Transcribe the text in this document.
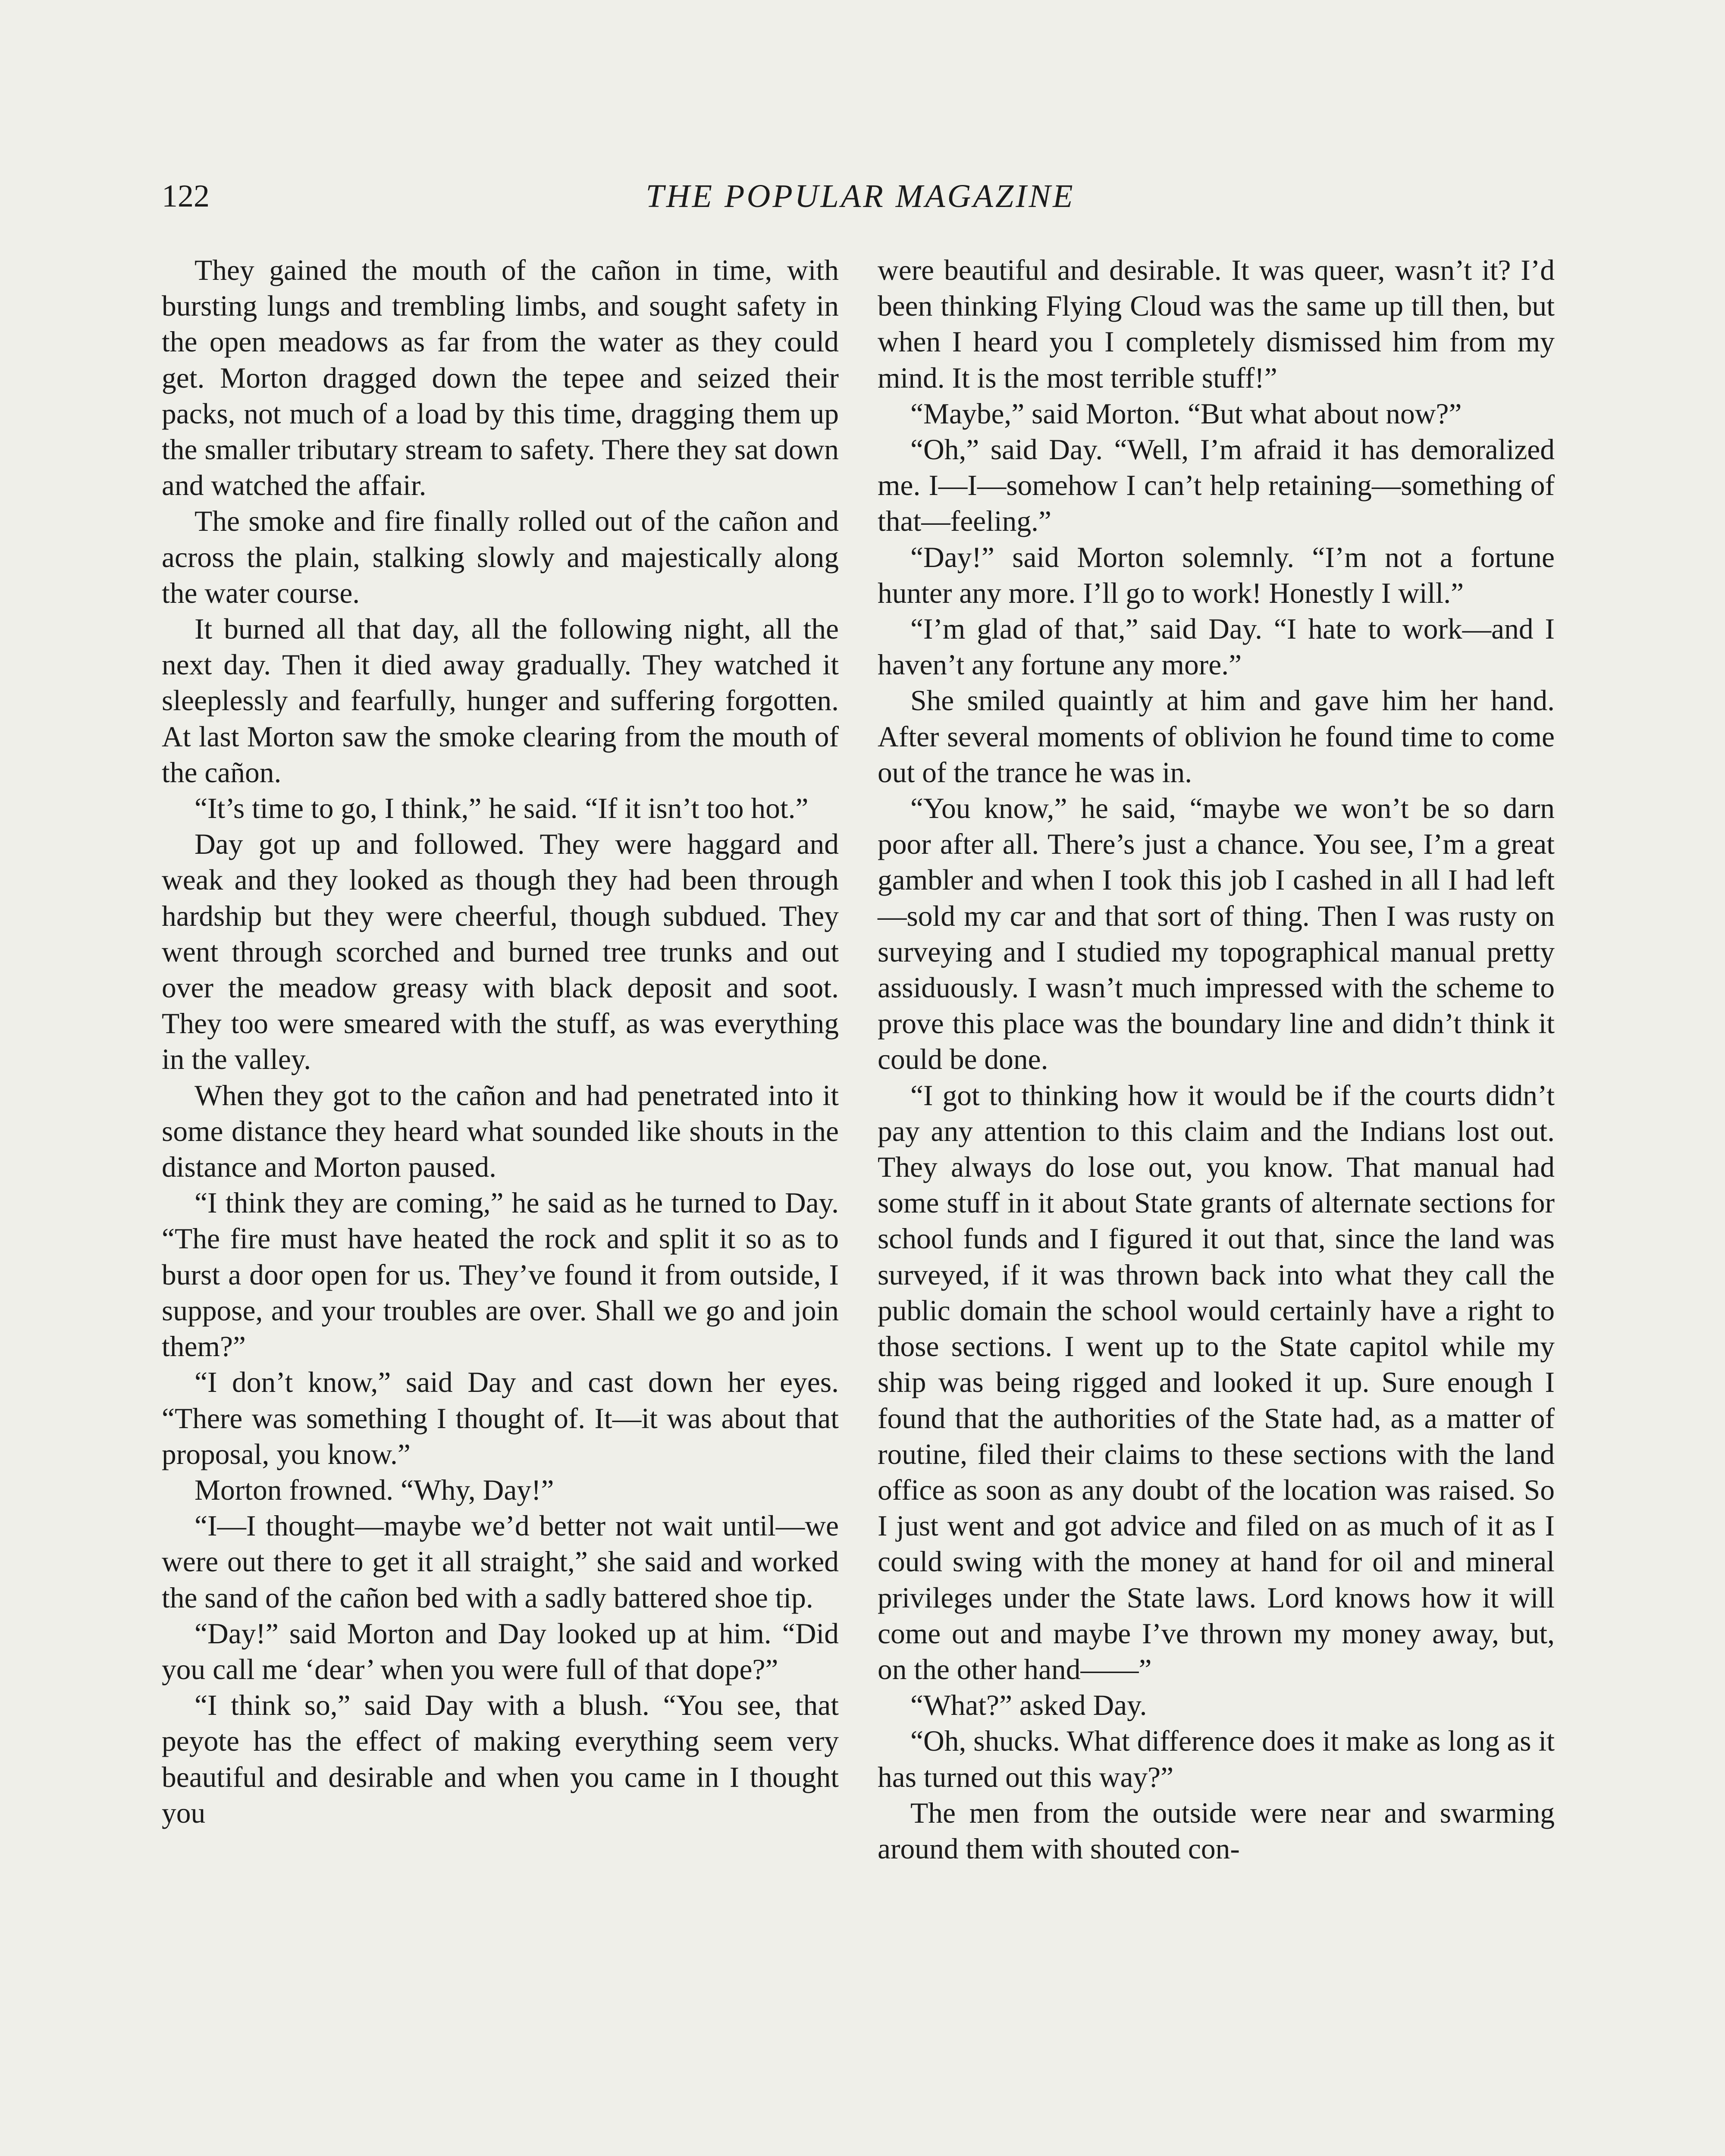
122	THE POPULAR MAGAZINE

They gained the mouth of the cañon in time, with bursting lungs and trembling limbs, and sought safety in the open meadows as far from the water as they could get. Morton dragged down the tepee and seized their packs, not much of a load by this time, dragging them up the smaller tributary stream to safety. There they sat down and watched the affair.

The smoke and fire finally rolled out of the cañon and across the plain, stalking slowly and majestically along the water course.

It burned all that day, all the following night, all the next day. Then it died away gradually. They watched it sleeplessly and fearfully, hunger and suffering forgotten. At last Morton saw the smoke clearing from the mouth of the cañon.

“It’s time to go, I think,” he said. “If it isn’t too hot.”

Day got up and followed. They were haggard and weak and they looked as though they had been through hardship but they were cheerful, though subdued. They went through scorched and burned tree trunks and out over the meadow greasy with black deposit and soot. They too were smeared with the stuff, as was everything in the valley.

When they got to the cañon and had penetrated into it some distance they heard what sounded like shouts in the distance and Morton paused.

“I think they are coming,” he said as he turned to Day. “The fire must have heated the rock and split it so as to burst a door open for us. They’ve found it from outside, I suppose, and your troubles are over. Shall we go and join them?”

“I don’t know,” said Day and cast down her eyes. “There was something I thought of. It—it was about that proposal, you know.”

Morton frowned. “Why, Day!”

“I—I thought—maybe we’d better not wait until—we were out there to get it all straight,” she said and worked the sand of the cañon bed with a sadly battered shoe tip.

“Day!” said Morton and Day looked up at him. “Did you call me ‘dear’ when you were full of that dope?”

“I think so,” said Day with a blush. “You see, that peyote has the effect of making everything seem very beautiful and desirable and when you came in I thought you

were beautiful and desirable. It was queer, wasn’t it? I’d been thinking Flying Cloud was the same up till then, but when I heard you I completely dismissed him from my mind. It is the most terrible stuff!”

“Maybe,” said Morton. “But what about now?”

“Oh,” said Day. “Well, I’m afraid it has demoralized me. I—I—somehow I can’t help retaining—something of that—feeling.”

“Day!” said Morton solemnly. “I’m not a fortune hunter any more. I’ll go to work! Honestly I will.”

“I’m glad of that,” said Day. “I hate to work—and I haven’t any fortune any more.”

She smiled quaintly at him and gave him her hand. After several moments of oblivion he found time to come out of the trance he was in.

“You know,” he said, “maybe we won’t be so darn poor after all. There’s just a chance. You see, I’m a great gambler and when I took this job I cashed in all I had left—sold my car and that sort of thing. Then I was rusty on surveying and I studied my topographical manual pretty assiduously. I wasn’t much impressed with the scheme to prove this place was the boundary line and didn’t think it could be done.

“I got to thinking how it would be if the courts didn’t pay any attention to this claim and the Indians lost out. They always do lose out, you know. That manual had some stuff in it about State grants of alternate sections for school funds and I figured it out that, since the land was surveyed, if it was thrown back into what they call the public domain the school would certainly have a right to those sections. I went up to the State capitol while my ship was being rigged and looked it up. Sure enough I found that the authorities of the State had, as a matter of routine, filed their claims to these sections with the land office as soon as any doubt of the location was raised. So I just went and got advice and filed on as much of it as I could swing with the money at hand for oil and mineral privileges under the State laws. Lord knows how it will come out and maybe I’ve thrown my money away, but, on the other hand——”

“What?” asked Day.

“Oh, shucks. What difference does it make as long as it has turned out this way?”

The men from the outside were near and swarming around them with shouted con-
